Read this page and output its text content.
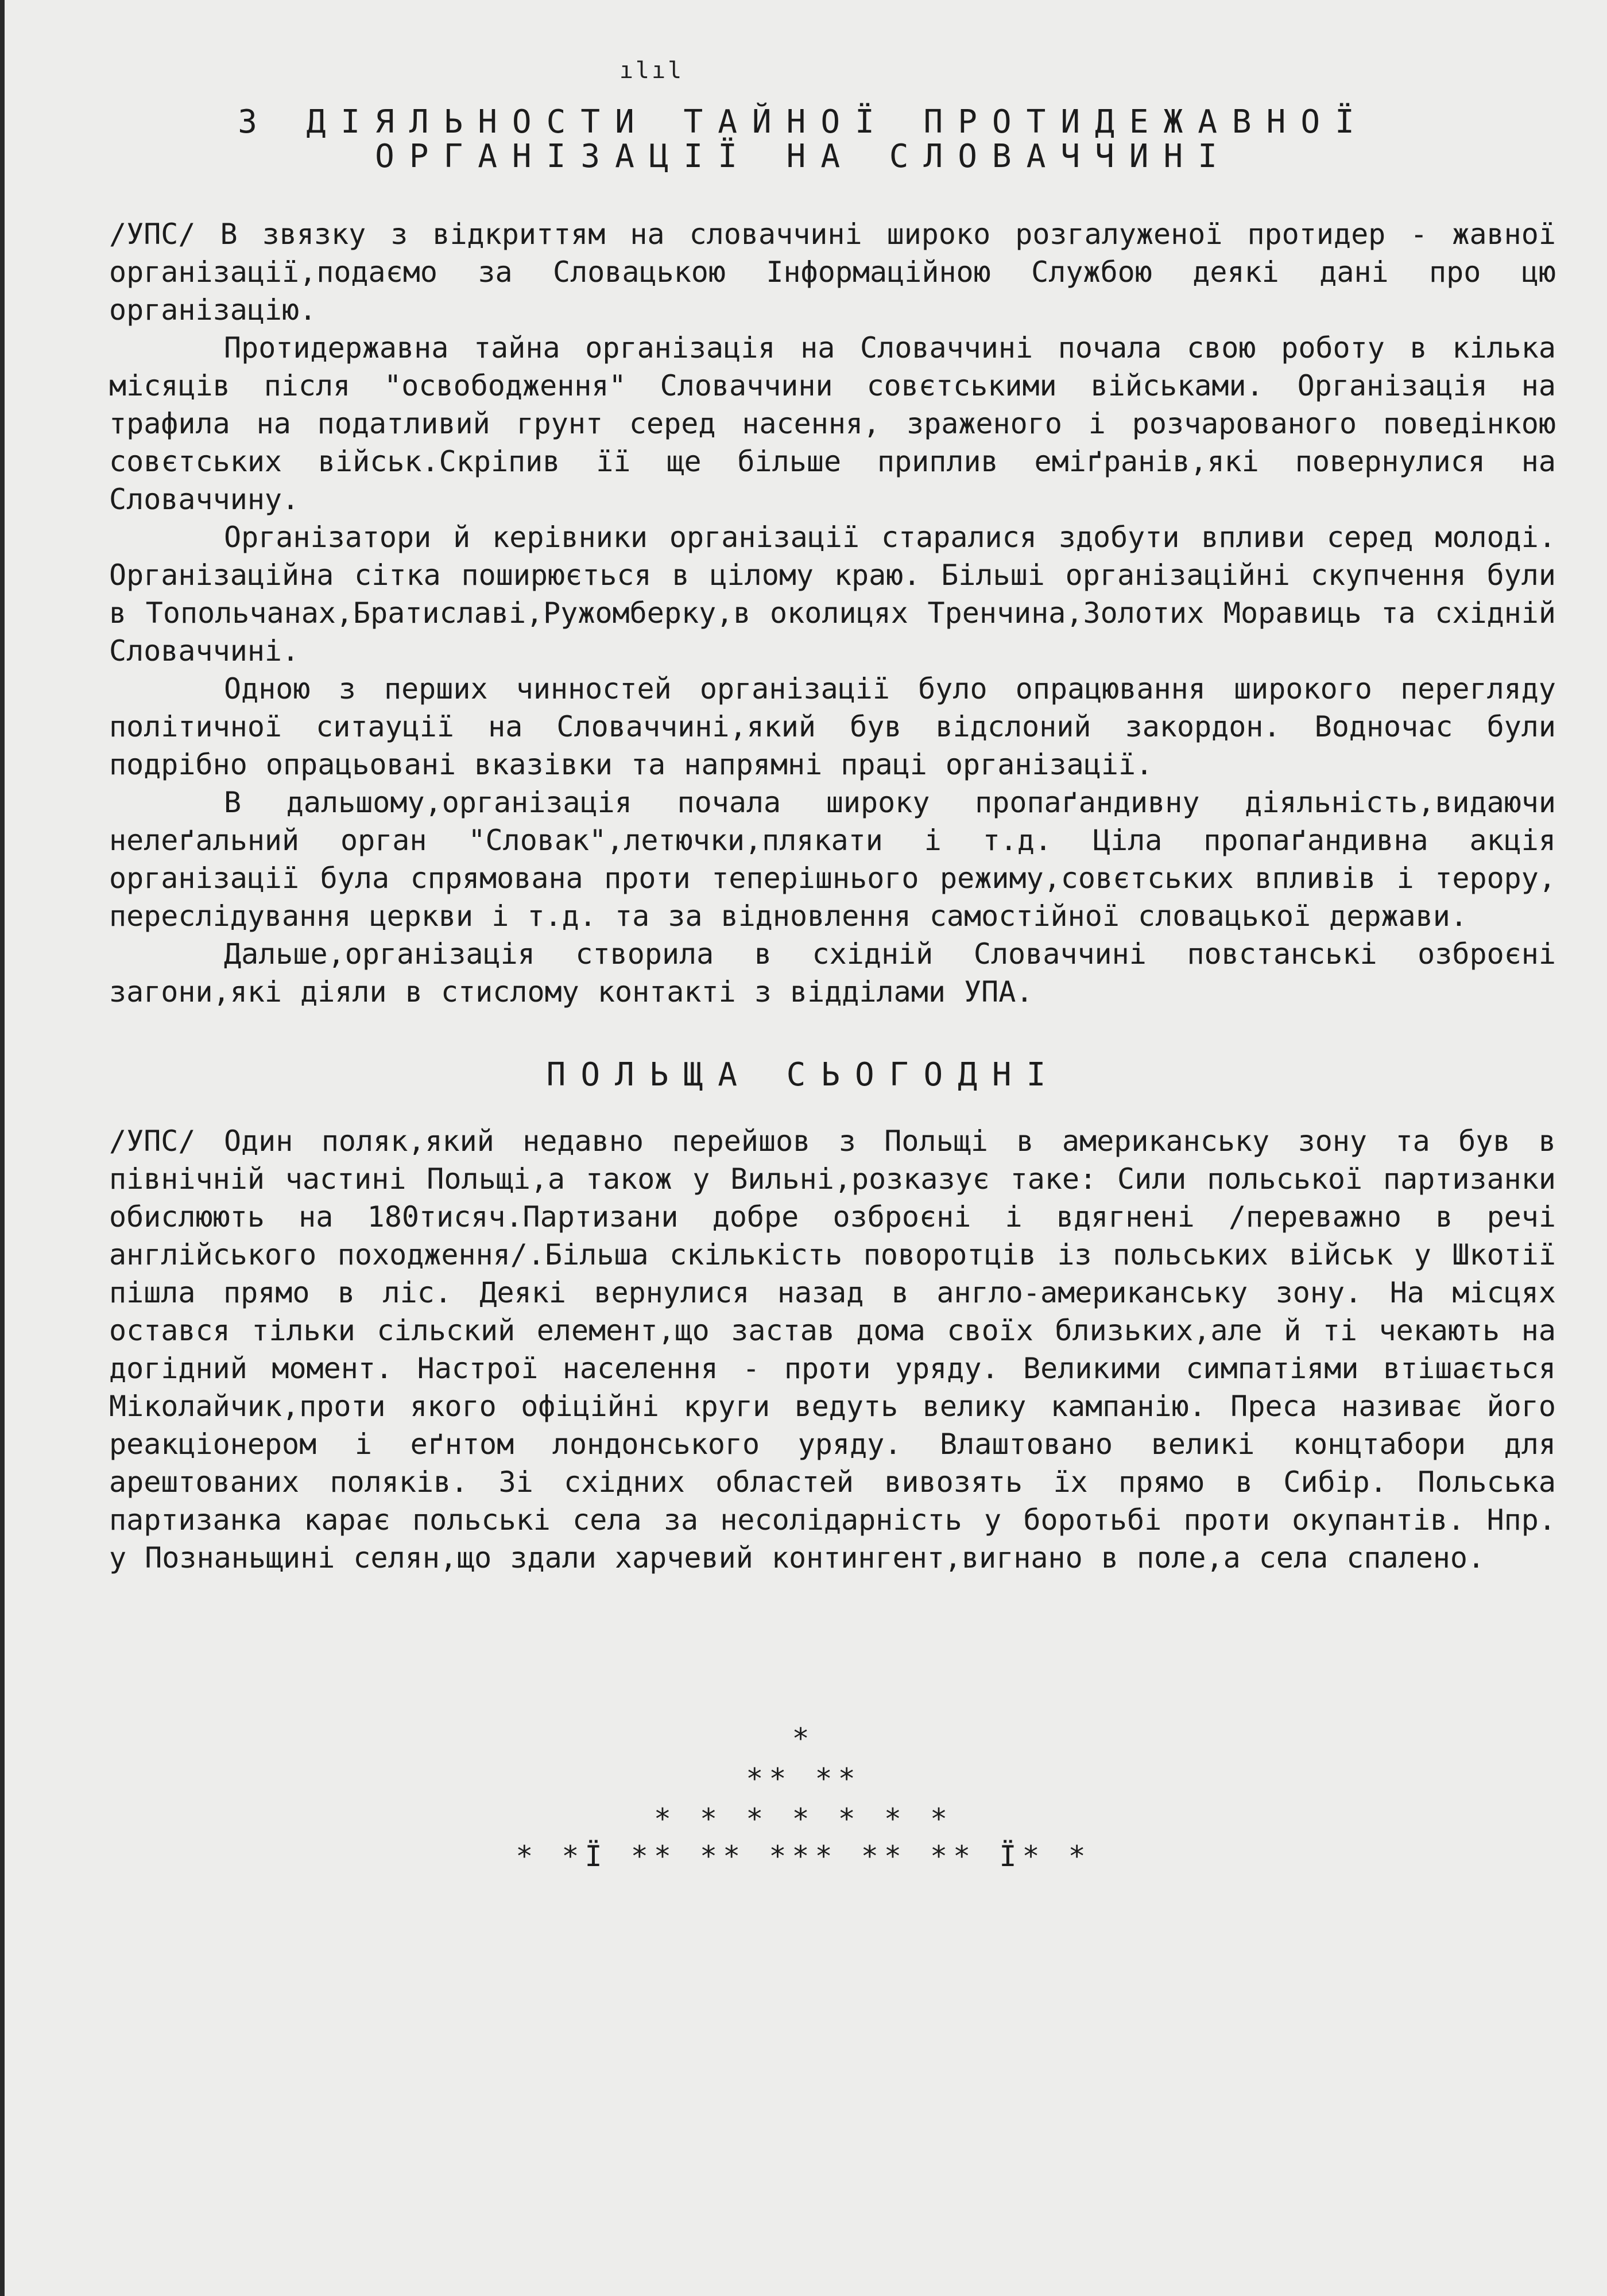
ılıl
З ДІЯЛЬНОСТИ ТАЙНОЇ ПРОТИДЕЖАВНОЇ
ОРГАНІЗАЦІЇ НА СЛОВАЧЧИНІ

/УПС/ В звязку з відкриттям на словаччині широко розгалуженої протидер - жавної організації,подаємо за Словацькою Інформаційною Службою деякі дані про цю організацію.

Протидержавна тайна організація на Словаччині почала свою роботу в кілька місяців після "освободження" Словаччини совєтськими військами. Організація на трафила на податливий грунт серед насення, зраженого і розчарованого поведінкою совєтських військ.Скріпив її ще більше приплив еміґранів,які повернулися на Словаччину.

Організатори й керівники організації старалися здобути впливи серед молоді. Організаційна сітка поширюється в цілому краю. Більші організаційні скупчення були в Топольчанах,Братиславі,Ружомберку,в околицях Тренчина,Золотих Моравиць та східній Словаччині.

Одною з перших чинностей організації було опрацювання широкого перегляду політичної ситауції на Словаччині,який був відслоний закордон. Водночас були подрібно опрацьовані вказівки та напрямні праці організації.

В дальшому,організація почала широку пропаґандивну діяльність,видаючи нелеґальний орган "Словак",летючки,плякати і т.д. Ціла пропаґандивна акція організації була спрямована проти теперішнього режиму,совєтських впливів і терору, переслідування церкви і т.д. та за відновлення самостійної словацької держави.

Дальше,організація створила в східній Словаччині повстанські озброєні загони,які діяли в стислому контакті з відділами УПА.

ПОЛЬЩА СЬОГОДНІ

/УПС/ Один поляк,який недавно перейшов з Польщі в американську зону та був в північній частині Польщі,а також у Вильні,розказує таке: Сили польської партизанки обислюють на 180тисяч.Партизани добре озброєні і вдягнені /переважно в речі англійського походження/.Більша скількість поворотців із польських військ у Шкотії пішла прямо в ліс. Деякі вернулися назад в англо-американську зону. На місцях остався тільки сільский елемент,що застав дома своїх близьких,але й ті чекають на догідний момент. Настрої населення - проти уряду. Великими симпатіями втішається Міколайчик,проти якого офіційні круги ведуть велику кампанію. Преса називає його реакціонером і еґнтом лондонського уряду. Влаштовано великі концтабори для арештованих поляків. Зі східних областей вивозять їх прямо в Сибір. Польська партизанка карає польські села за несолідарність у боротьбі проти окупантів. Нпр. у Познаньщині селян,що здали харчевий контингент,вигнано в поле,а села спалено.

*
** **
* * * * * * *
* *Ї ** ** *** ** ** Ї* *
